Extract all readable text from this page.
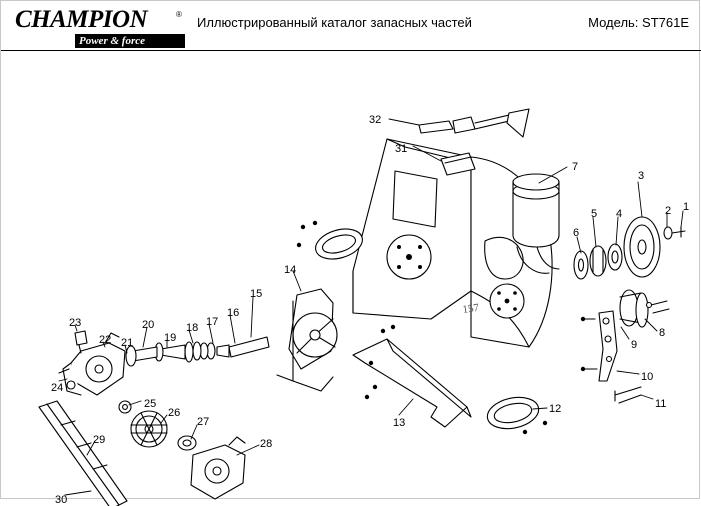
CHAMPION	®
Power & force
Иллюстрированный каталог запасных частей	Модель: ST761E
157
32
31
7
3
5 4	2 1
6
8
9
10
11
14
15
16
17
18
19
20
21
22
23
24
25
26
27
28
29
30
12
13
